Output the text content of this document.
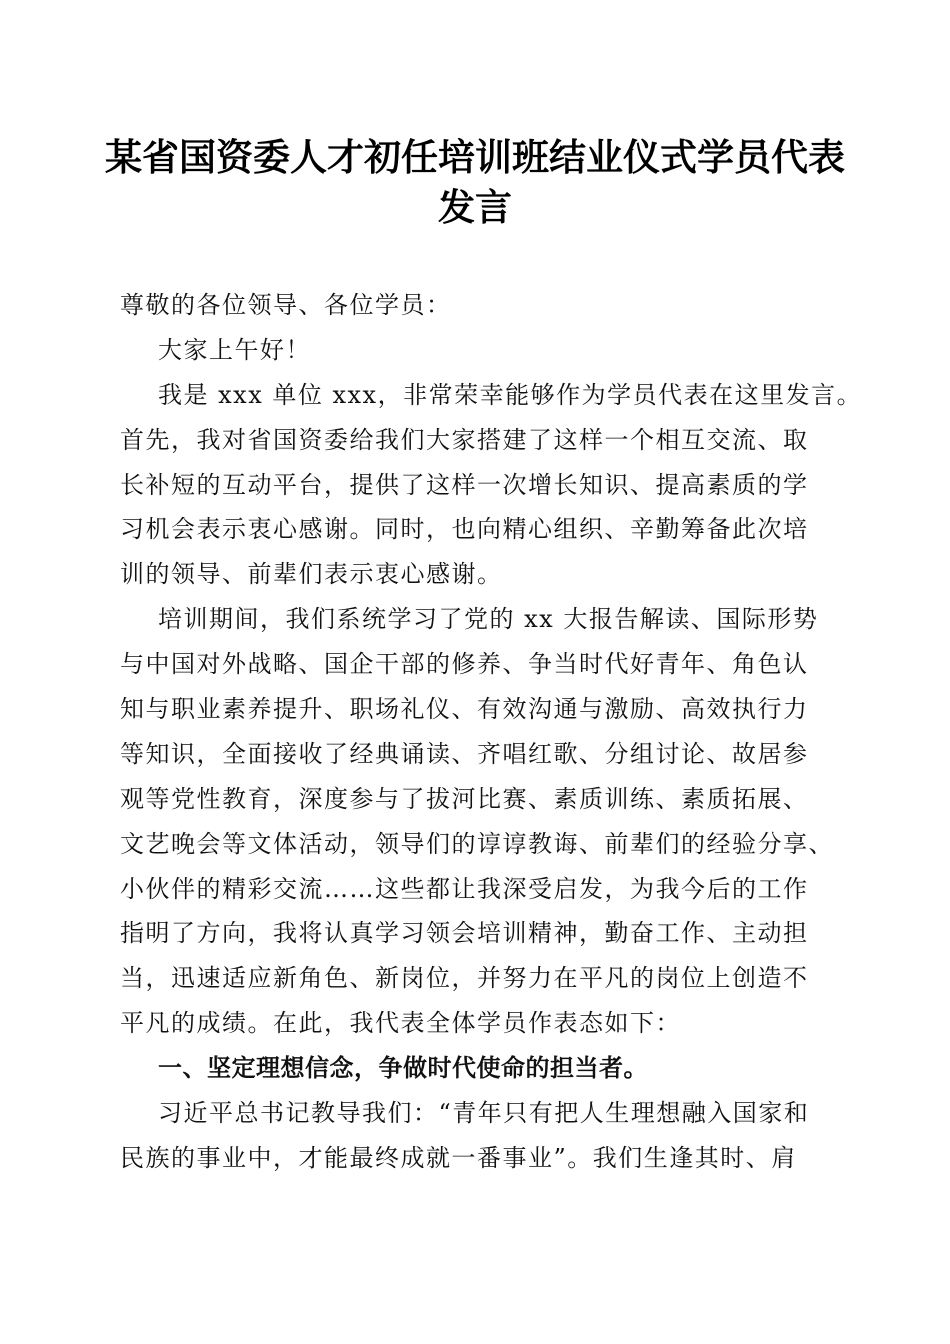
某省国资委人才初任培训班结业仪式学员代表
发言
尊敬的各位领导、各位学员：
大家上午好！
我是 xxx 单位 xxx，非常荣幸能够作为学员代表在这里发言。
首先，我对省国资委给我们大家搭建了这样一个相互交流、取
长补短的互动平台，提供了这样一次增长知识、提高素质的学
习机会表示衷心感谢。同时，也向精心组织、辛勤筹备此次培
训的领导、前辈们表示衷心感谢。
培训期间，我们系统学习了党的 xx 大报告解读、国际形势
与中国对外战略、国企干部的修养、争当时代好青年、角色认
知与职业素养提升、职场礼仪、有效沟通与激励、高效执行力
等知识，全面接收了经典诵读、齐唱红歌、分组讨论、故居参
观等党性教育，深度参与了拔河比赛、素质训练、素质拓展、
文艺晚会等文体活动，领导们的谆谆教诲、前辈们的经验分享、
小伙伴的精彩交流……这些都让我深受启发，为我今后的工作
指明了方向，我将认真学习领会培训精神，勤奋工作、主动担
当，迅速适应新角色、新岗位，并努力在平凡的岗位上创造不
平凡的成绩。在此，我代表全体学员作表态如下：
一、坚定理想信念，争做时代使命的担当者。
习近平总书记教导我们：“青年只有把人生理想融入国家和
民族的事业中，才能最终成就一番事业”。我们生逢其时、肩
